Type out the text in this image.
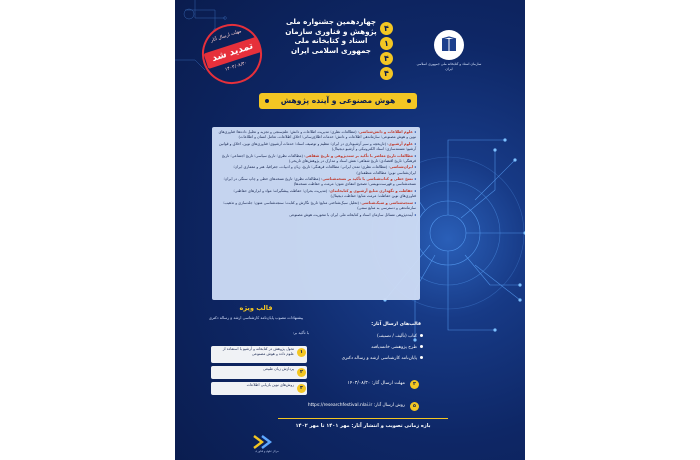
سازمان اسناد و کتابخانه ملی جمهوری اسلامی ایران
۴
۱
۴
۴
چهاردهمین جشنواره ملی
پژوهش و فناوری سازمان
اسناد و کتابخانه ملی
جمهوری اسلامی ایران
مهلت ارسال آثار
تمدید شد
۱۴۰۳/۰۸/۳۰
هوش مصنوعی و آینده پژوهش
◂ علوم اطلاعات و دانش‌شناسی: (مطالعات نظری؛ مدیریت اطلاعات و دانش؛ علم‌سنجی و تجزیه و تحلیل داده‌ها؛ فناوری‌های نوین و هوش مصنوعی؛ سازماندهی اطلاعات و دانش؛ خدمات اطلاع‌رسانی؛ اخلاق اطلاعات، تعامل انسان و اطلاعات)
◂ علوم آرشیوی: (تاریخچه و سیر آرشیوداری در ایران؛ تنظیم و توصیف اسناد؛ خدمات آرشیوی؛ فناوری‌های نوین، اخلاق و قوانین آرشیو؛ مستندسازی؛ اسناد الکترونیکی و آرشیو دیجیتال)
◂ مطالعات تاریخ معاصر با تأکید بر سندپژوهی و تاریخ شفاهی: (مطالعات نظری؛ تاریخ سیاسی؛ تاریخ اجتماعی؛ تاریخ فرهنگی؛ تاریخ اقتصادی؛ تاریخ شفاهی؛ نقش اسناد و مدارک در پژوهش‌های تاریخی)
◂ ایران‌شناسی: (مطالعات نظری؛ تمدن ایرانی؛ مطالعات فرهنگی؛ تاریخ، زبان و ادبیات، جغرافیا، هنر و معماری ایران؛ ایران‌شناسی نوین؛ مطالعات منطقه‌ای)
◂ نسخ خطی و کتاب‌شناسی با تأکید بر نسخه‌شناسی: (مطالعات نظری؛ تاریخ نسخه‌های خطی و چاپ سنگی در ایران؛ نسخه‌شناسی و فهرست‌نویسی؛ تصحیح انتقادی متون؛ مرمت و حفاظت نسخه‌ها)
◂ حفاظت و نگهداری منابع آرشیوی و کتابخانه‌ای: (مدیریت بحران؛ حفاظت پیشگیرانه؛ مواد و ابزارهای حفاظتی؛ فناوری‌های نوین حفاظت؛ مرمت منابع؛ حفاظت دیجیتال)
◂ سنجه‌شناسی و سبک‌شناسی: (تحلیل سبک‌شناختی منابع؛ تاریخ نگارش و کتابت؛ سنجه‌شناسی متون؛ جلدسازی و تذهیب؛ سازماندهی و دسترسی به منابع سنتی)
◂ آینده‌پژوهی مسائل سازمان اسناد و کتابخانه ملی ایران با محوریت هوش مصنوعی
قالب ویژه
پیشنهادات مصوب پایان‌نامه کارشناسی ارشد و رساله دکتری
با تأکید بر:
۱
تحول پژوهش در کتابخانه و آرشیو با استفاده از علوم داده و هوش مصنوعی
۲
پردازش زبان طبیعی
۳
روش‌های نوین بازیابی اطلاعات
قالب‌های ارسال آثار:
کتاب (تألیف / تصنیف)
طرح پژوهشی خاتمه‌یافته
پایان‌نامه کارشناسی ارشد و رساله دکتری
۴
مهلت ارسال آثار: ۱۴۰۳/۰۸/۳۰
۵
روش ارسال آثار: https://researchfestival.nlai.ir
بازه زمانی تصویب و انتشار آثار: مهر ۱۴۰۱ تا مهر ۱۴۰۲
مرکز علوم و فناوری
